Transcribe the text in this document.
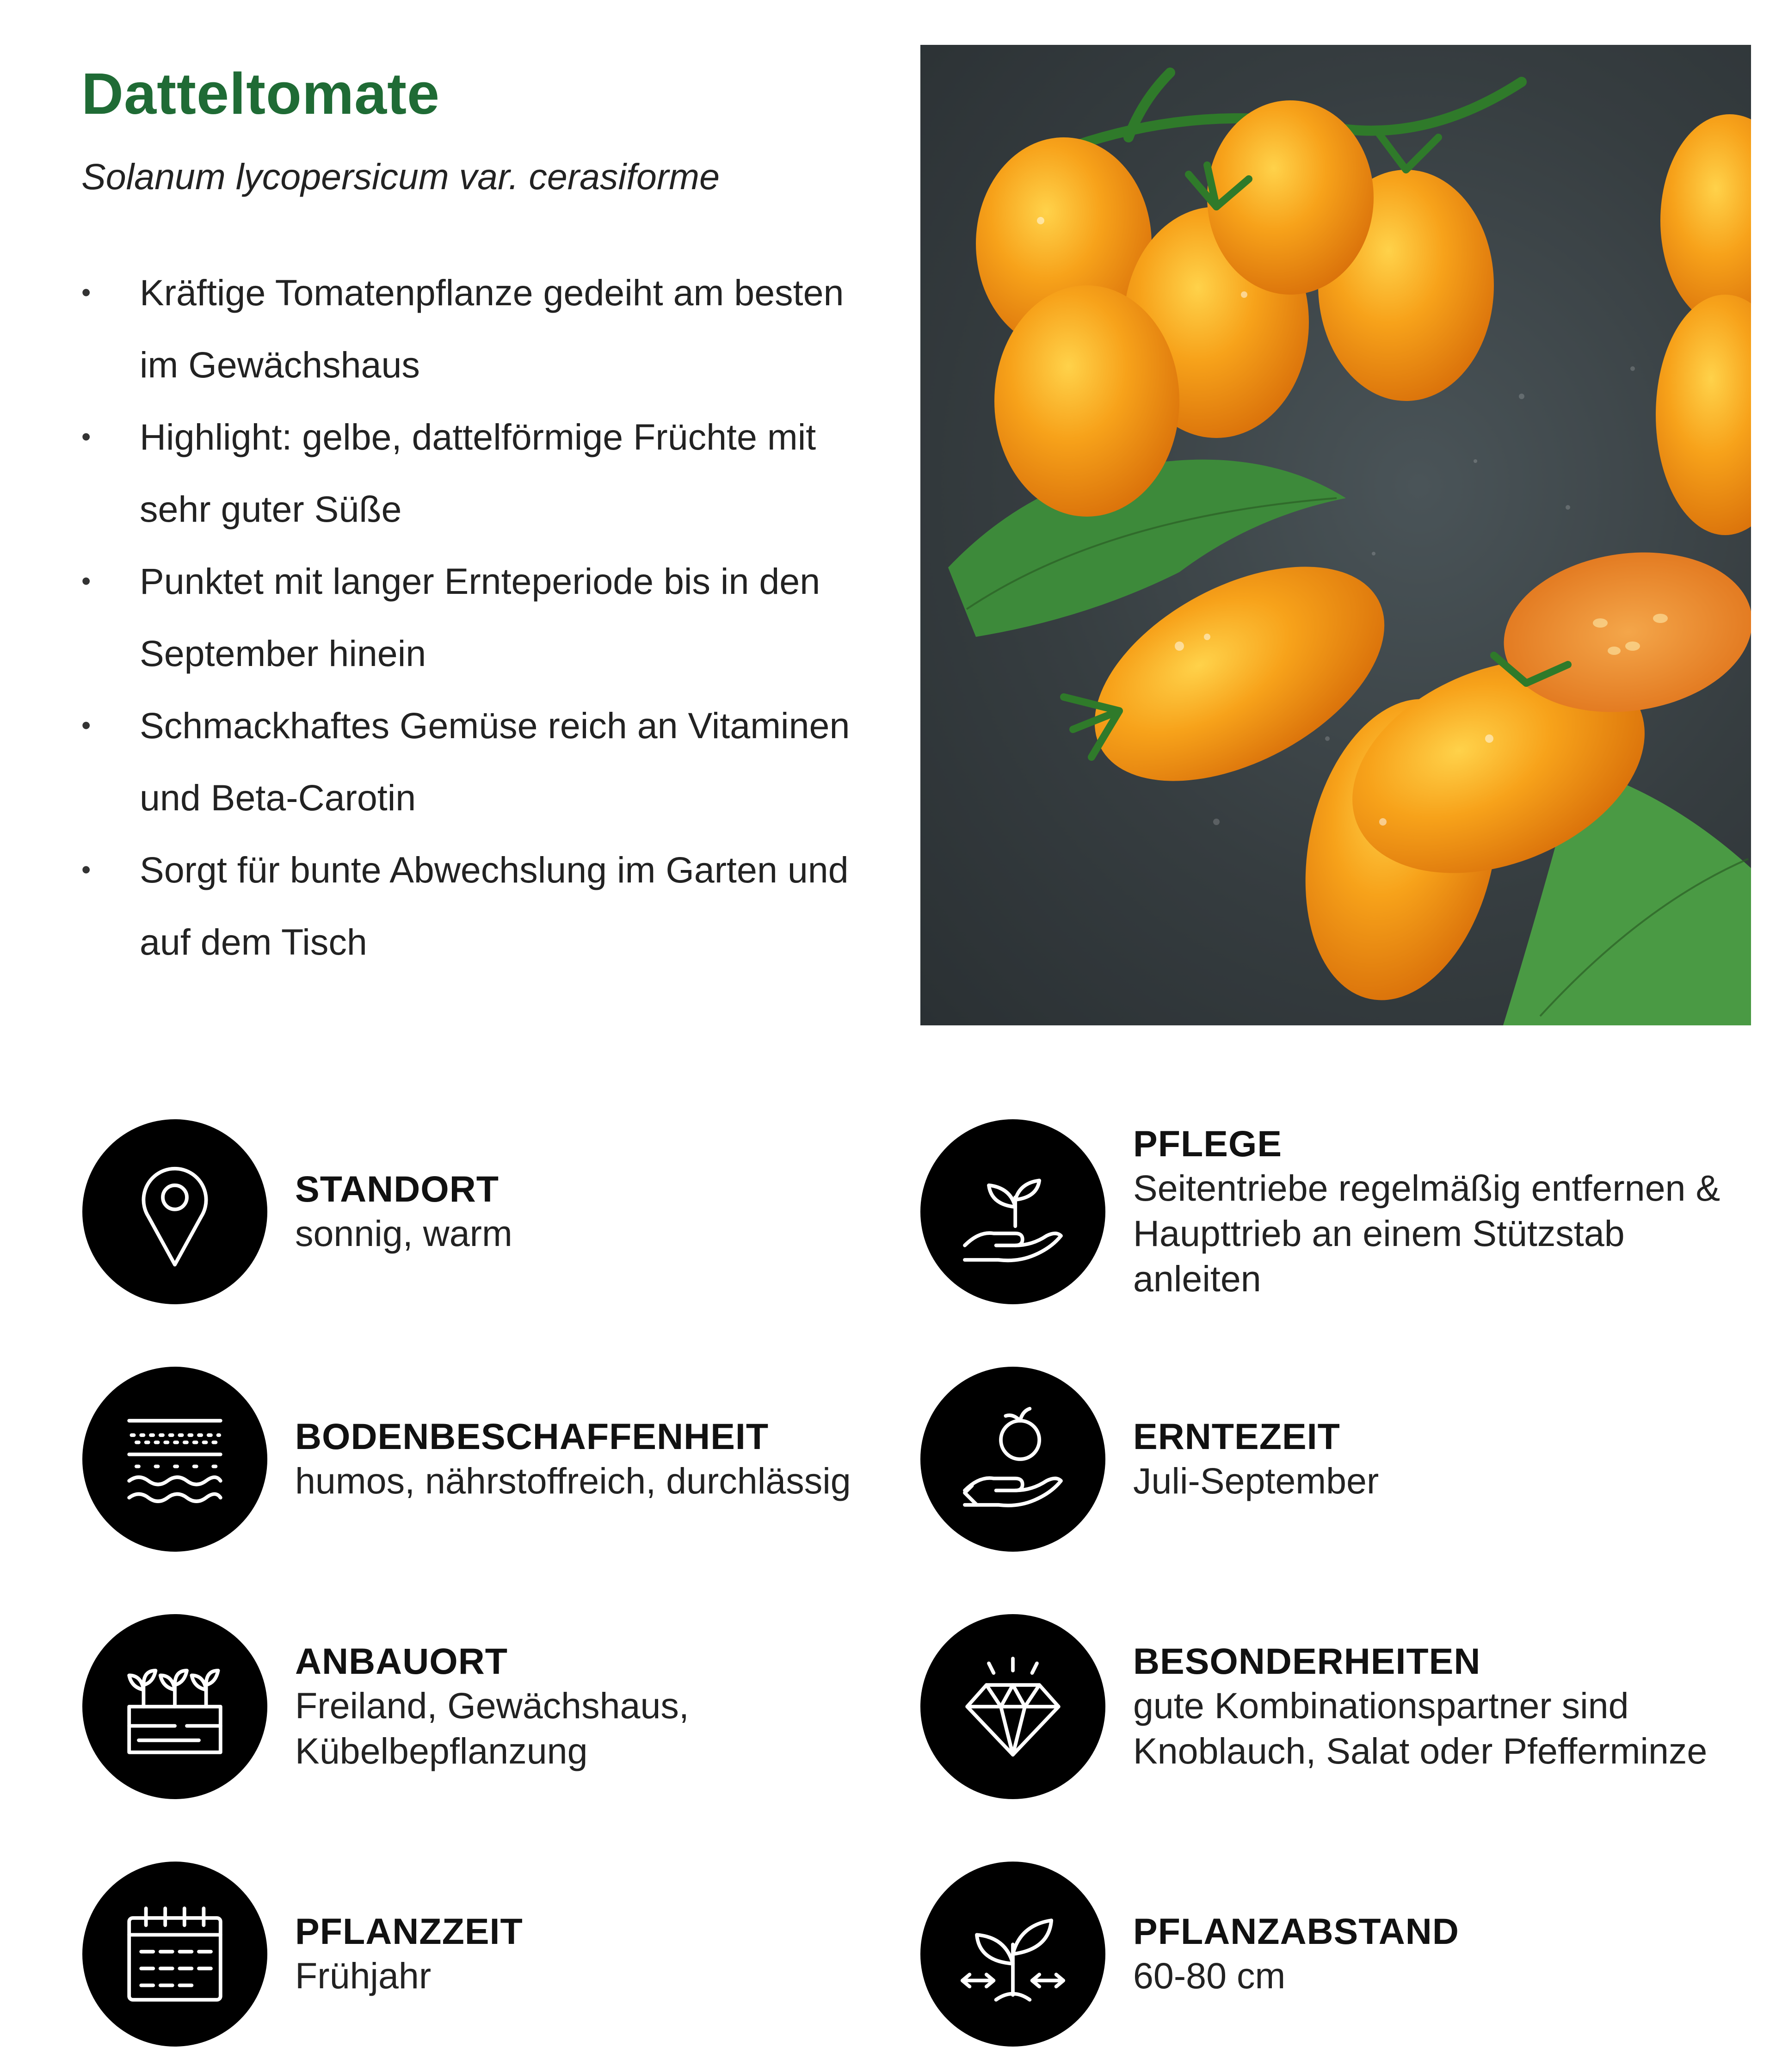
Datteltomate
Solanum lycopersicum var. cerasiforme
• Kräftige Tomatenpflanze gedeiht am besten im Gewächshaus
• Highlight: gelbe, dattelförmige Früchte mit sehr guter Süße
• Punktet mit langer Ernteperiode bis in den September hinein
• Schmackhaftes Gemüse reich an Vitaminen und Beta-Carotin
• Sorgt für bunte Abwechslung im Garten und auf dem Tisch
STANDORT
sonnig, warm
BODENBESCHAFFENHEIT
humos, nährstoffreich, durchlässig
ANBAUORT
Freiland, Gewächshaus, Kübelbepflanzung
PFLANZZEIT
Frühjahr
PFLEGE
Seitentriebe regelmäßig entfernen & Haupttrieb an einem Stützstab anleiten
ERNTEZEIT
Juli-September
BESONDERHEITEN
gute Kombinationspartner sind Knoblauch, Salat oder Pfefferminze
PFLANZABSTAND
60-80 cm
